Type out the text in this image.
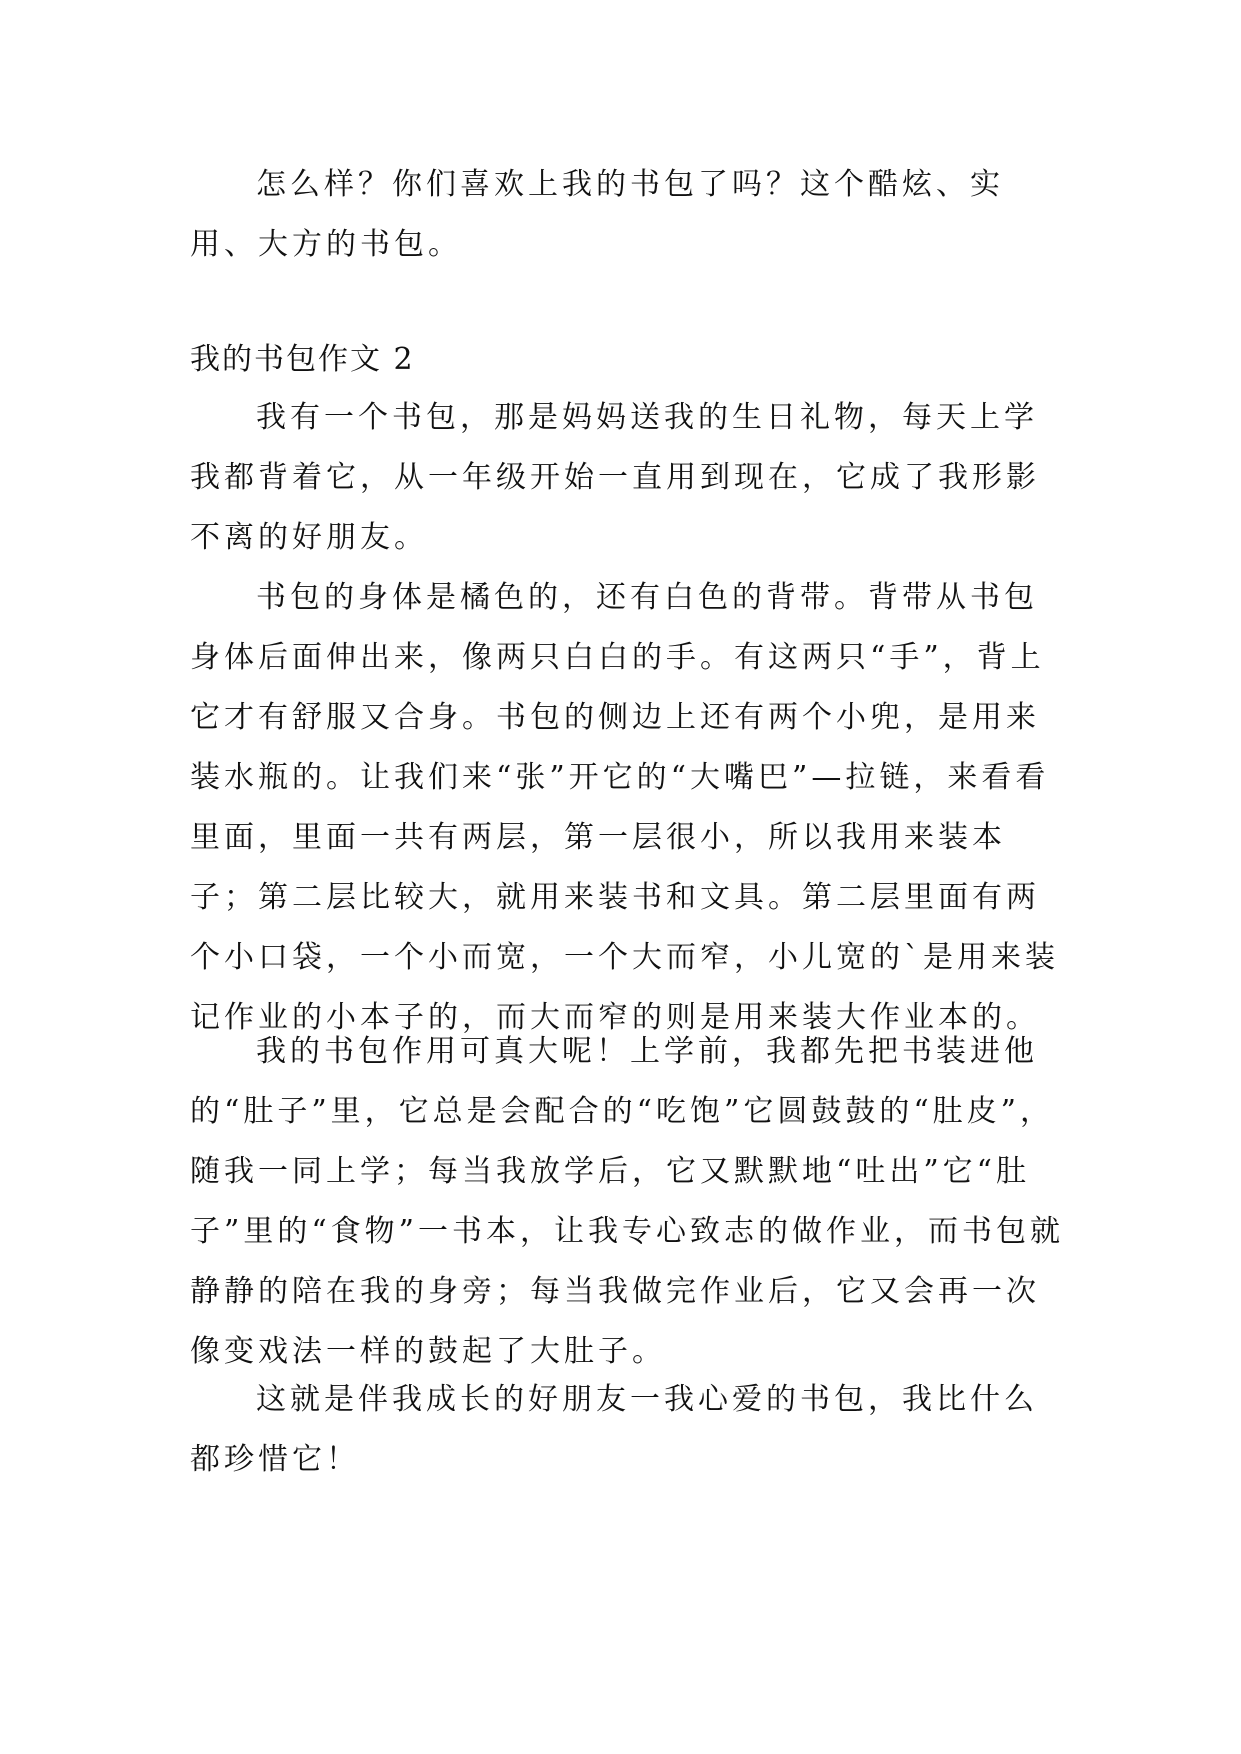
怎么样？你们喜欢上我的书包了吗？这个酷炫、实用、大方的书包。

我的书包作文 2

我有一个书包，那是妈妈送我的生日礼物，每天上学我都背着它，从一年级开始一直用到现在，它成了我形影不离的好朋友。

书包的身体是橘色的，还有白色的背带。背带从书包身体后面伸出来，像两只白白的手。有这两只“手”，背上它才有舒服又合身。书包的侧边上还有两个小兜，是用来装水瓶的。让我们来“张”开它的“大嘴巴”—拉链，来看看里面，里面一共有两层，第一层很小，所以我用来装本子；第二层比较大，就用来装书和文具。第二层里面有两个小口袋，一个小而宽，一个大而窄，小儿宽的`是用来装记作业的小本子的，而大而窄的则是用来装大作业本的。

我的书包作用可真大呢！上学前，我都先把书装进他的“肚子”里，它总是会配合的“吃饱”它圆鼓鼓的“肚皮”，随我一同上学；每当我放学后，它又默默地“吐出”它“肚子”里的“食物”一书本，让我专心致志的做作业，而书包就静静的陪在我的身旁；每当我做完作业后，它又会再一次像变戏法一样的鼓起了大肚子。

这就是伴我成长的好朋友一我心爱的书包，我比什么都珍惜它！
